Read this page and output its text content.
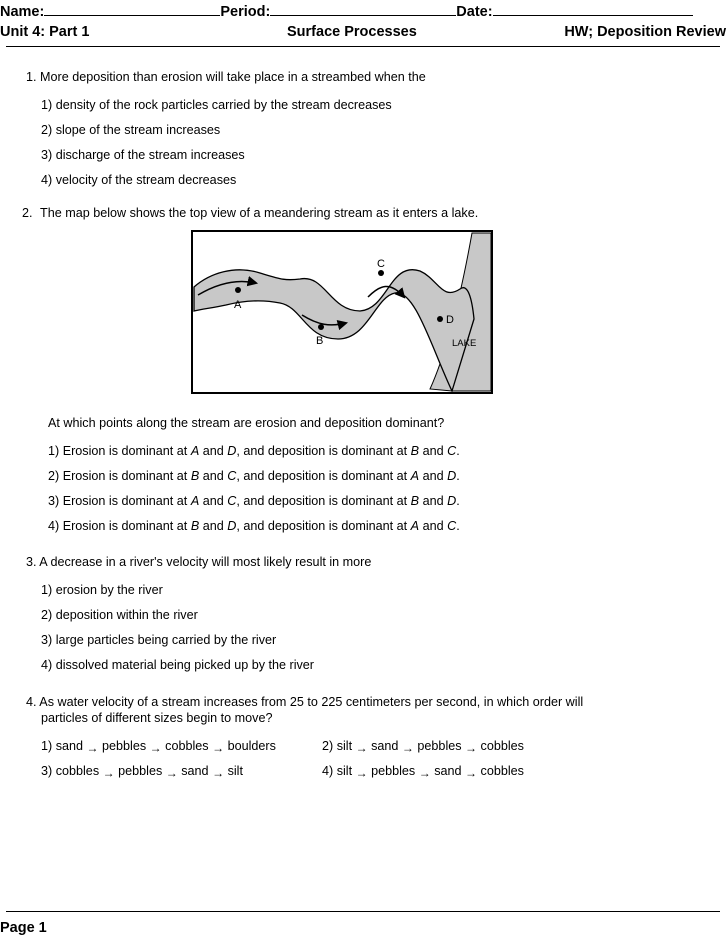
Name:	Period:	Date:
Unit 4: Part 1	Surface Processes	HW; Deposition Review
1. More deposition than erosion will take place in a streambed when the
1) density of the rock particles carried by the stream decreases
2) slope of the stream increases
3) discharge of the stream increases
4) velocity of the stream decreases
2. The map below shows the top view of a meandering stream as it enters a lake.
A
B
C
D
LAKE
At which points along the stream are erosion and deposition dominant?
1) Erosion is dominant at A and D, and deposition is dominant at B and C.
2) Erosion is dominant at B and C, and deposition is dominant at A and D.
3) Erosion is dominant at A and C, and deposition is dominant at B and D.
4) Erosion is dominant at B and D, and deposition is dominant at A and C.
3. A decrease in a river's velocity will most likely result in more
1) erosion by the river
2) deposition within the river
3) large particles being carried by the river
4) dissolved material being picked up by the river
4. As water velocity of a stream increases from 25 to 225 centimeters per second, in which order will
particles of different sizes begin to move?
1) sand → pebbles → cobbles → boulders	2) silt → sand → pebbles → cobbles
3) cobbles → pebbles → sand → silt	4) silt → pebbles → sand → cobbles
Page 1
